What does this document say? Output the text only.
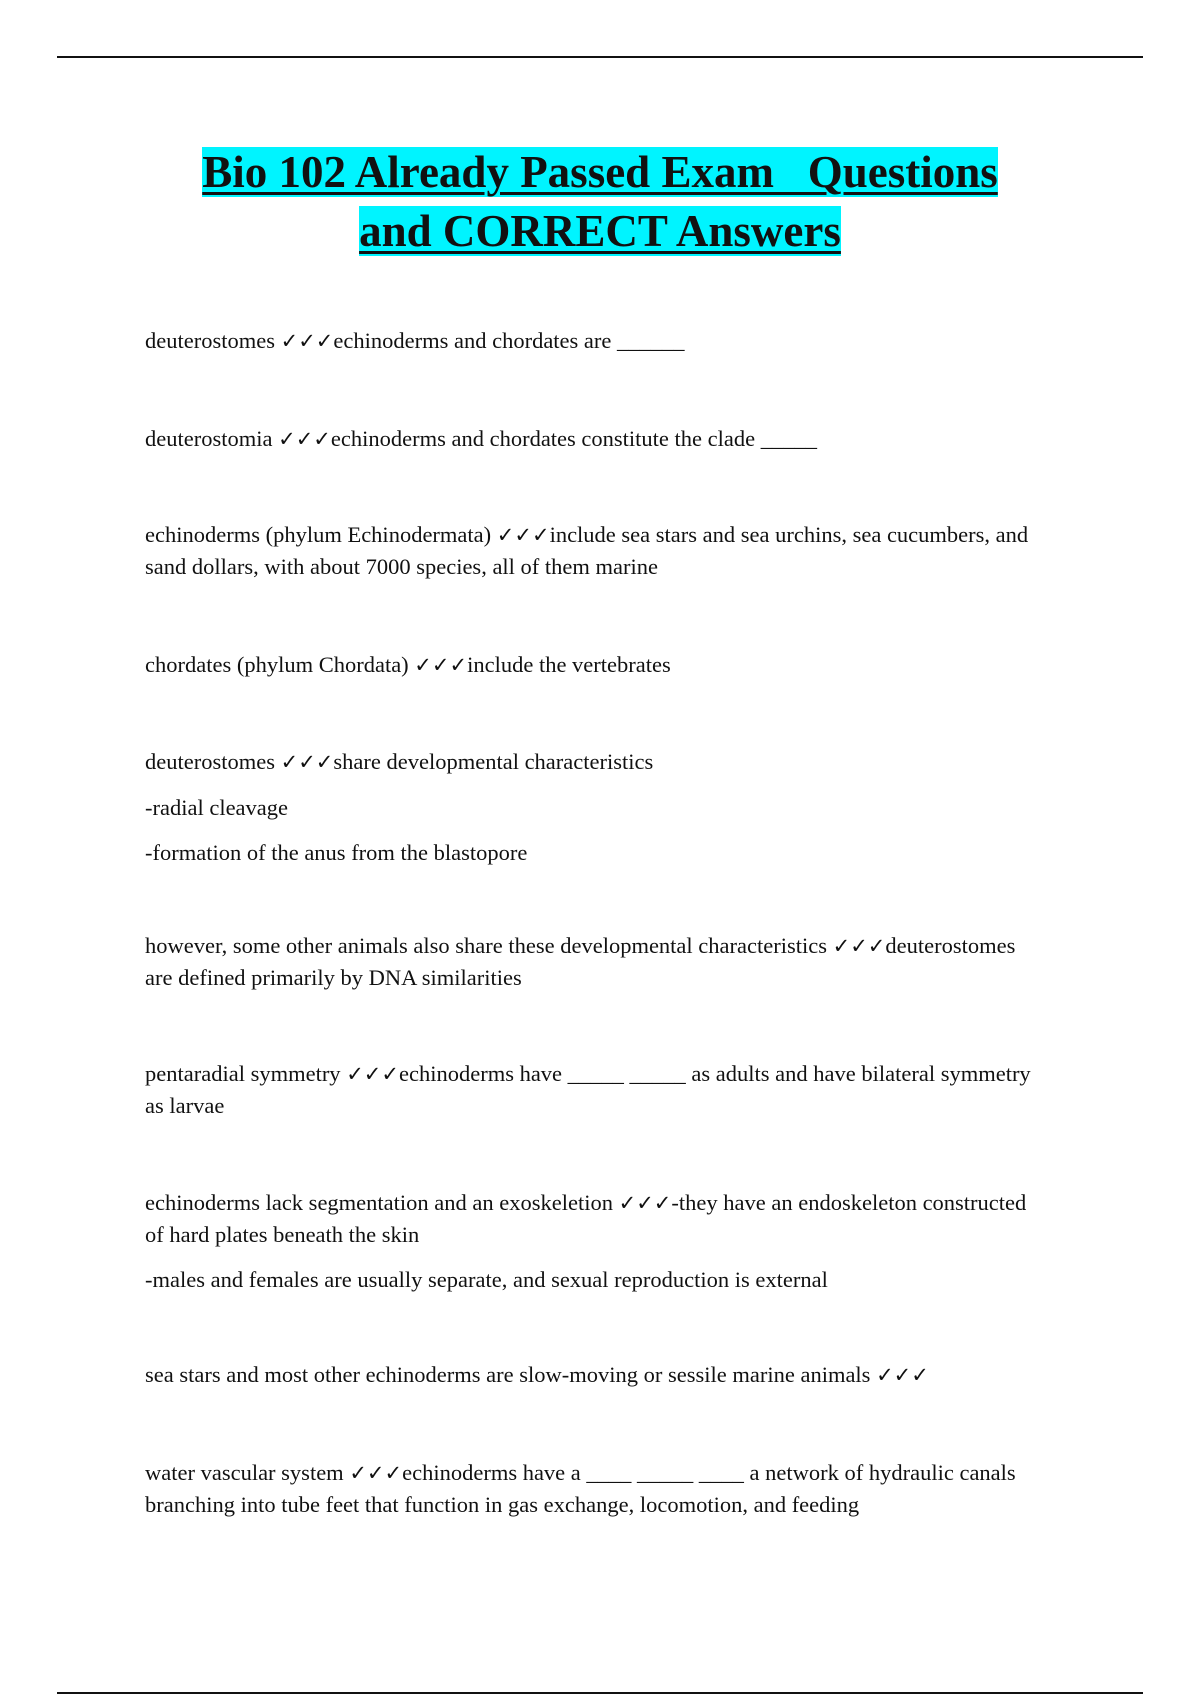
Bio 102 Already Passed Exam   Questions
and CORRECT Answers

deuterostomes ✓✓✓echinoderms and chordates are ______

deuterostomia ✓✓✓echinoderms and chordates constitute the clade _____

echinoderms (phylum Echinodermata) ✓✓✓include sea stars and sea urchins, sea cucumbers, and sand dollars, with about 7000 species, all of them marine

chordates (phylum Chordata) ✓✓✓include the vertebrates

deuterostomes ✓✓✓share developmental characteristics

-radial cleavage

-formation of the anus from the blastopore

however, some other animals also share these developmental characteristics ✓✓✓deuterostomes are defined primarily by DNA similarities

pentaradial symmetry ✓✓✓echinoderms have _____ _____ as adults and have bilateral symmetry as larvae

echinoderms lack segmentation and an exoskeletion ✓✓✓-they have an endoskeleton constructed of hard plates beneath the skin

-males and females are usually separate, and sexual reproduction is external

sea stars and most other echinoderms are slow-moving or sessile marine animals ✓✓✓

water vascular system ✓✓✓echinoderms have a ____ _____ ____ a network of hydraulic canals branching into tube feet that function in gas exchange, locomotion, and feeding
